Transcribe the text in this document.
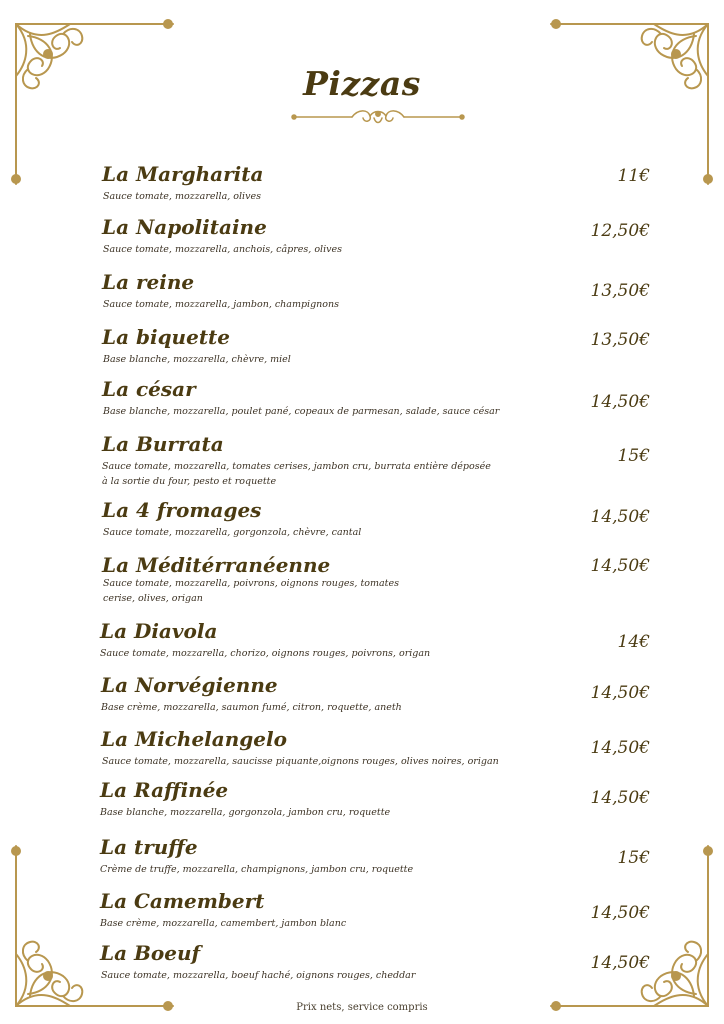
Pizzas
La Margharita
Sauce tomate, mozzarella, olives
11€
La Napolitaine
Sauce tomate, mozzarella, anchois, câpres, olives
12,50€
La reine
Sauce tomate, mozzarella, jambon, champignons
13,50€
La biquette
Base blanche, mozzarella, chèvre, miel
13,50€
La césar
Base blanche, mozzarella, poulet pané, copeaux de parmesan, salade, sauce césar	14,50€
La Burrata
Sauce tomate, mozzarella, tomates cerises, jambon cru, burrata entière déposée à la sortie du four, pesto et roquette
15€
La 4 fromages
Sauce tomate, mozzarella, gorgonzola, chèvre, cantal
14,50€
La Méditérranéenne
Sauce tomate, mozzarella, poivrons, oignons rouges, tomates cerise, olives, origan
14,50€
La Diavola
Sauce tomate, mozzarella, chorizo, oignons rouges, poivrons, origan
14€
La Norvégienne
Base crème, mozzarella, saumon fumé, citron, roquette, aneth
14,50€
La Michelangelo
Sauce tomate, mozzarella, saucisse piquante,oignons rouges, olives noires, origan
14,50€
La Raffinée
Base blanche, mozzarella, gorgonzola, jambon cru, roquette
14,50€
La truffe
Crème de truffe, mozzarella, champignons, jambon cru, roquette
15€
La Camembert
Base crème, mozzarella, camembert, jambon blanc
14,50€
La Boeuf
Sauce tomate, mozzarella, boeuf haché, oignons rouges, cheddar
14,50€
Prix nets, service compris
